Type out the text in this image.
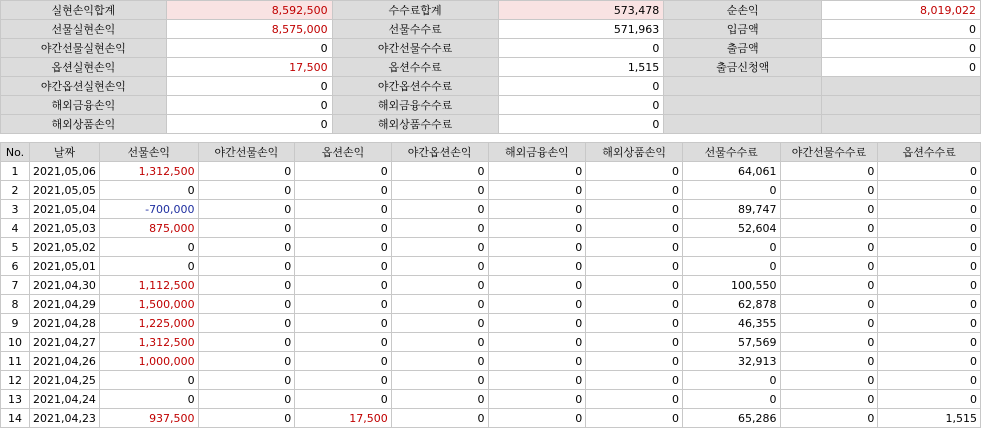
실현손익합계	8,592,500	수수료합계	573,478	순손익	8,019,022
선물실현손익	8,575,000	선물수수료	571,963	입금액	0
야간선물실현손익	0	야간선물수수료	0	출금액	0
옵션실현손익	17,500	옵션수수료	1,515	출금신청액	0
야간옵션실현손익	0	야간옵션수수료	0		
해외금융손익	0	해외금융수수료	0		
해외상품손익	0	해외상품수수료	0		
No.	날짜	선물손익	야간선물손익	옵션손익	야간옵션손익	해외금융손익	해외상품손익	선물수수료	야간선물수수료	옵션수수료
1	2021,05,06	1,312,500	0	0	0	0	0	64,061	0	0
2	2021,05,05	0	0	0	0	0	0	0	0	0
3	2021,05,04	-700,000	0	0	0	0	0	89,747	0	0
4	2021,05,03	875,000	0	0	0	0	0	52,604	0	0
5	2021,05,02	0	0	0	0	0	0	0	0	0
6	2021,05,01	0	0	0	0	0	0	0	0	0
7	2021,04,30	1,112,500	0	0	0	0	0	100,550	0	0
8	2021,04,29	1,500,000	0	0	0	0	0	62,878	0	0
9	2021,04,28	1,225,000	0	0	0	0	0	46,355	0	0
10	2021,04,27	1,312,500	0	0	0	0	0	57,569	0	0
11	2021,04,26	1,000,000	0	0	0	0	0	32,913	0	0
12	2021,04,25	0	0	0	0	0	0	0	0	0
13	2021,04,24	0	0	0	0	0	0	0	0	0
14	2021,04,23	937,500	0	17,500	0	0	0	65,286	0	1,515
